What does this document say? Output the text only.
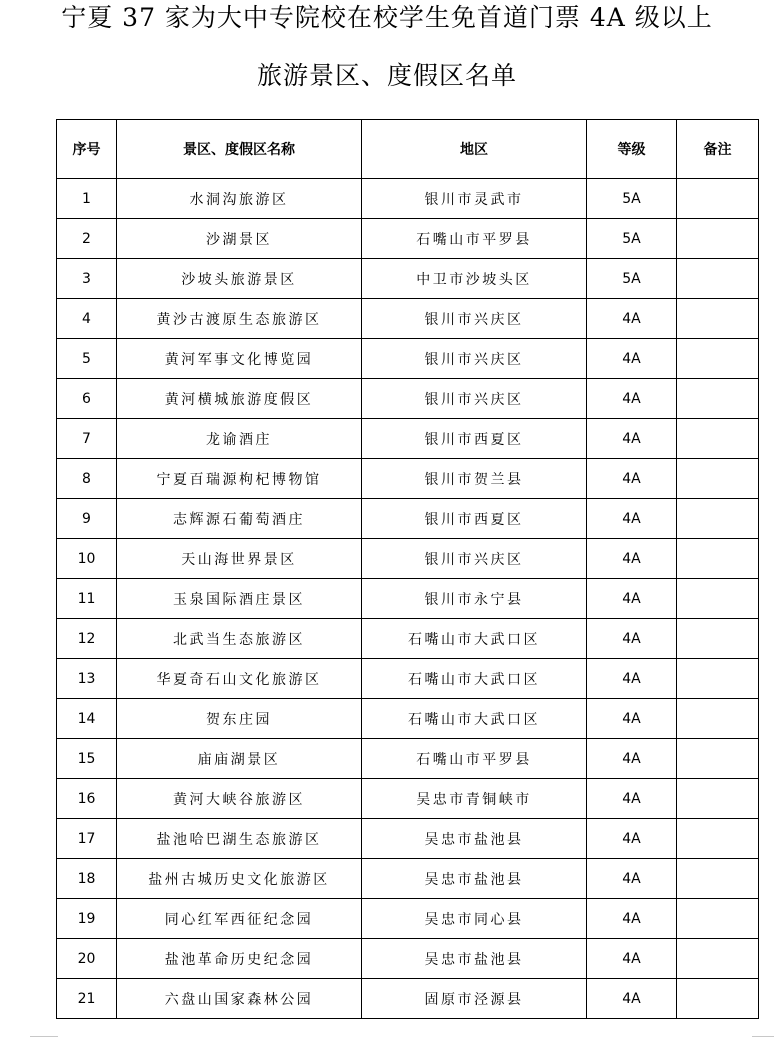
宁夏 37 家为大中专院校在校学生免首道门票 4A 级以上
旅游景区、度假区名单
序号	景区、度假区名称	地区	等级	备注
1	水洞沟旅游区	银川市灵武市	5A	
2	沙湖景区	石嘴山市平罗县	5A	
3	沙坡头旅游景区	中卫市沙坡头区	5A	
4	黄沙古渡原生态旅游区	银川市兴庆区	4A	
5	黄河军事文化博览园	银川市兴庆区	4A	
6	黄河横城旅游度假区	银川市兴庆区	4A	
7	龙谕酒庄	银川市西夏区	4A	
8	宁夏百瑞源枸杞博物馆	银川市贺兰县	4A	
9	志辉源石葡萄酒庄	银川市西夏区	4A	
10	天山海世界景区	银川市兴庆区	4A	
11	玉泉国际酒庄景区	银川市永宁县	4A	
12	北武当生态旅游区	石嘴山市大武口区	4A	
13	华夏奇石山文化旅游区	石嘴山市大武口区	4A	
14	贺东庄园	石嘴山市大武口区	4A	
15	庙庙湖景区	石嘴山市平罗县	4A	
16	黄河大峡谷旅游区	吴忠市青铜峡市	4A	
17	盐池哈巴湖生态旅游区	吴忠市盐池县	4A	
18	盐州古城历史文化旅游区	吴忠市盐池县	4A	
19	同心红军西征纪念园	吴忠市同心县	4A	
20	盐池革命历史纪念园	吴忠市盐池县	4A	
21	六盘山国家森林公园	固原市泾源县	4A	
